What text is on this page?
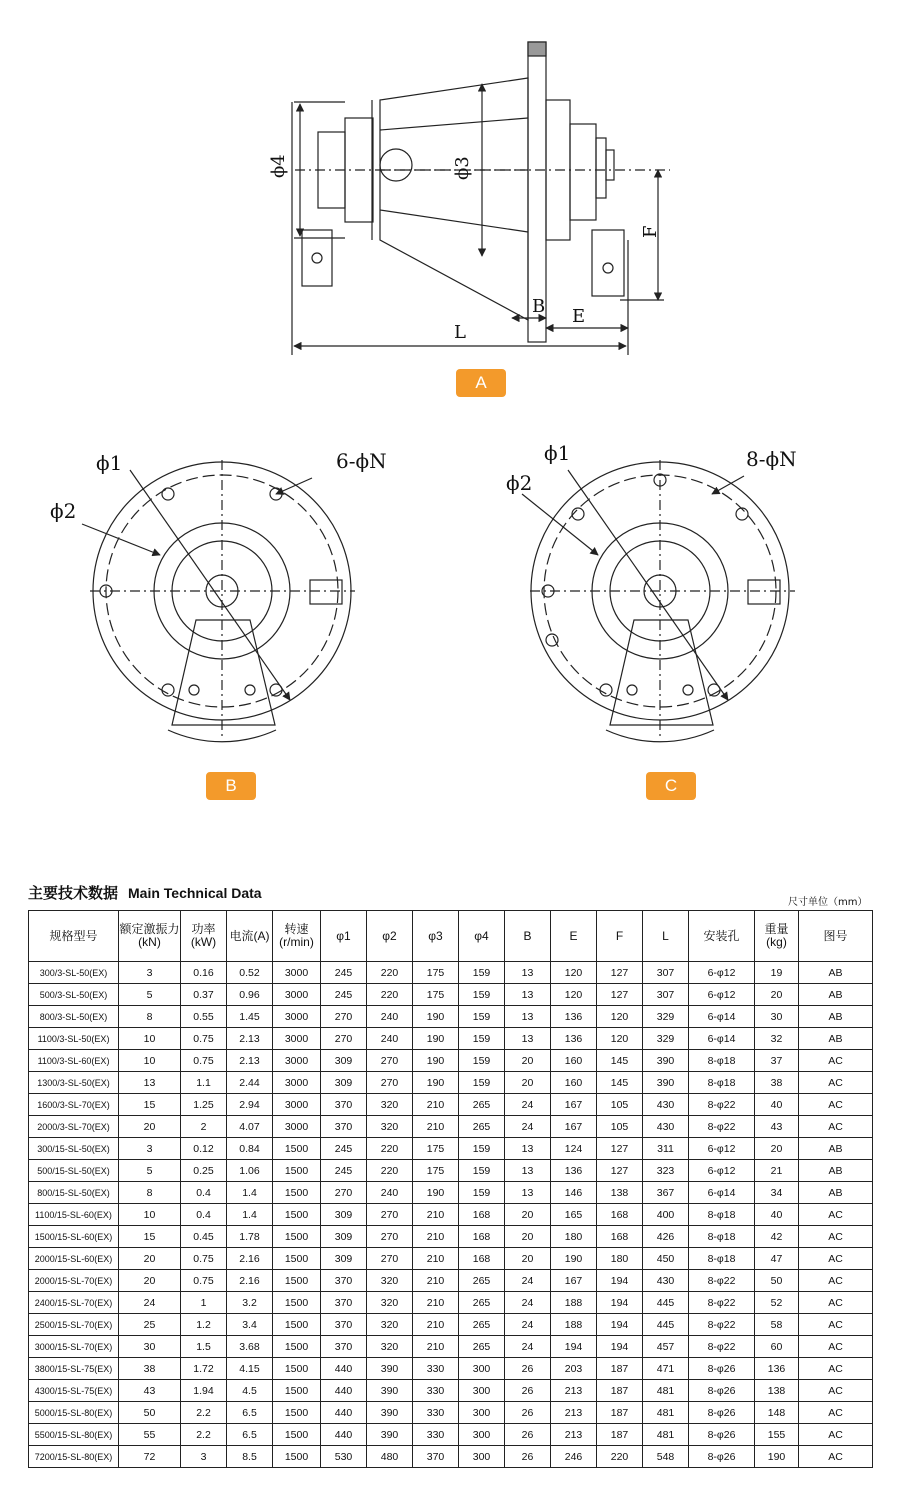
ϕ4	ϕ3
B E
F
L
ϕ1
ϕ2
6-ϕN	ϕ1
ϕ2
8-ϕN
A
B	C
主要技术数据 Main Technical Data
尺寸单位（mm）
规格型号	额定激振力(kN)	功率(kW)	电流(A)	转速(r/min)	φ1	φ2	φ3	φ4	B	E	F	L	安装孔	重量(kg)	图号
300/3-SL-50(EX)	3	0.16	0.52	3000	245	220	175	159	13	120	127	307	6-φ12	19	AB
500/3-SL-50(EX)	5	0.37	0.96	3000	245	220	175	159	13	120	127	307	6-φ12	20	AB
800/3-SL-50(EX)	8	0.55	1.45	3000	270	240	190	159	13	136	120	329	6-φ14	30	AB
1100/3-SL-50(EX)	10	0.75	2.13	3000	270	240	190	159	13	136	120	329	6-φ14	32	AB
1100/3-SL-60(EX)	10	0.75	2.13	3000	309	270	190	159	20	160	145	390	8-φ18	37	AC
1300/3-SL-50(EX)	13	1.1	2.44	3000	309	270	190	159	20	160	145	390	8-φ18	38	AC
1600/3-SL-70(EX)	15	1.25	2.94	3000	370	320	210	265	24	167	105	430	8-φ22	40	AC
2000/3-SL-70(EX)	20	2	4.07	3000	370	320	210	265	24	167	105	430	8-φ22	43	AC
300/15-SL-50(EX)	3	0.12	0.84	1500	245	220	175	159	13	124	127	311	6-φ12	20	AB
500/15-SL-50(EX)	5	0.25	1.06	1500	245	220	175	159	13	136	127	323	6-φ12	21	AB
800/15-SL-50(EX)	8	0.4	1.4	1500	270	240	190	159	13	146	138	367	6-φ14	34	AB
1100/15-SL-60(EX)	10	0.4	1.4	1500	309	270	210	168	20	165	168	400	8-φ18	40	AC
1500/15-SL-60(EX)	15	0.45	1.78	1500	309	270	210	168	20	180	168	426	8-φ18	42	AC
2000/15-SL-60(EX)	20	0.75	2.16	1500	309	270	210	168	20	190	180	450	8-φ18	47	AC
2000/15-SL-70(EX)	20	0.75	2.16	1500	370	320	210	265	24	167	194	430	8-φ22	50	AC
2400/15-SL-70(EX)	24	1	3.2	1500	370	320	210	265	24	188	194	445	8-φ22	52	AC
2500/15-SL-70(EX)	25	1.2	3.4	1500	370	320	210	265	24	188	194	445	8-φ22	58	AC
3000/15-SL-70(EX)	30	1.5	3.68	1500	370	320	210	265	24	194	194	457	8-φ22	60	AC
3800/15-SL-75(EX)	38	1.72	4.15	1500	440	390	330	300	26	203	187	471	8-φ26	136	AC
4300/15-SL-75(EX)	43	1.94	4.5	1500	440	390	330	300	26	213	187	481	8-φ26	138	AC
5000/15-SL-80(EX)	50	2.2	6.5	1500	440	390	330	300	26	213	187	481	8-φ26	148	AC
5500/15-SL-80(EX)	55	2.2	6.5	1500	440	390	330	300	26	213	187	481	8-φ26	155	AC
7200/15-SL-80(EX)	72	3	8.5	1500	530	480	370	300	26	246	220	548	8-φ26	190	AC
